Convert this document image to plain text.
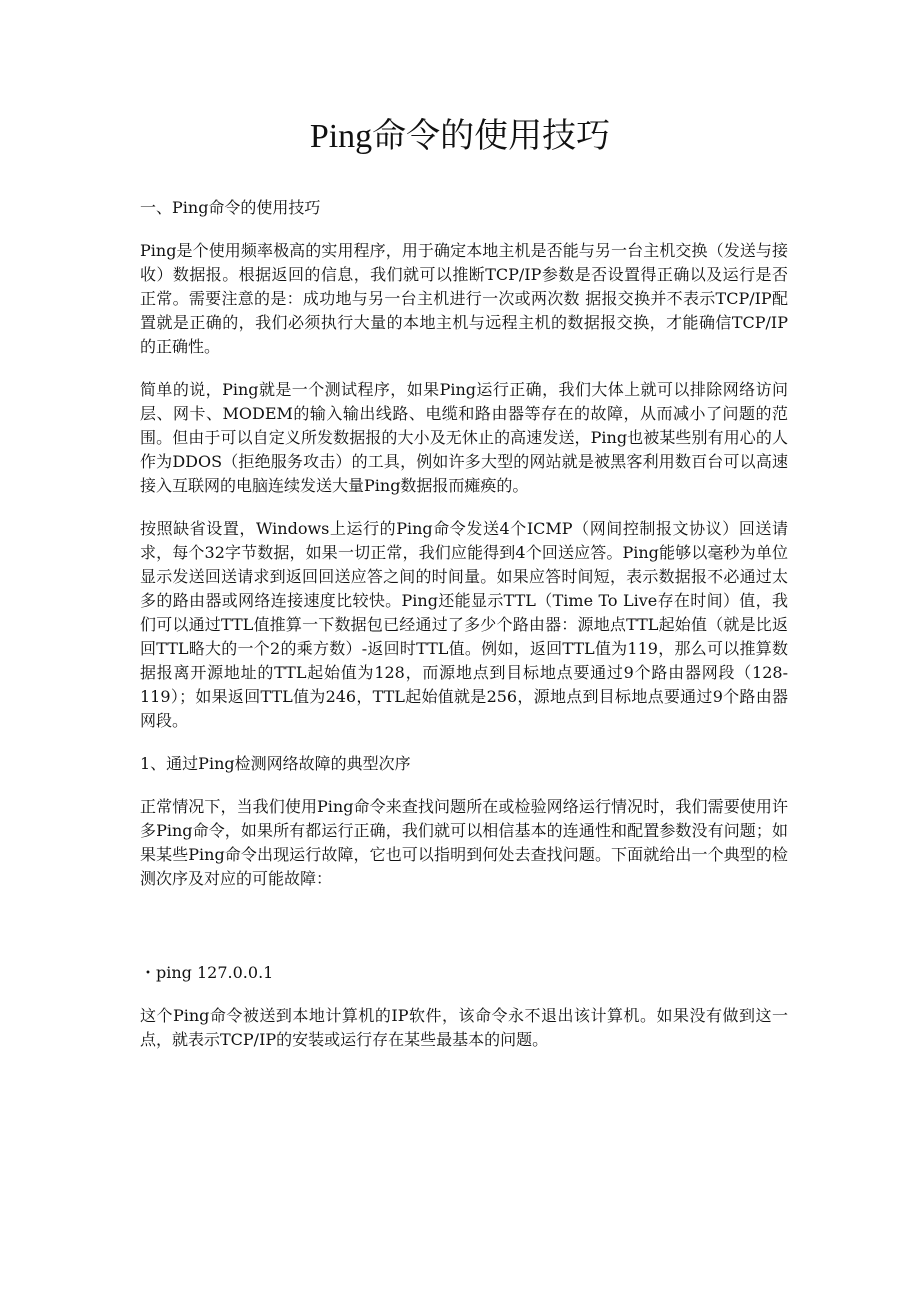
Ping命令的使用技巧

一、Ping命令的使用技巧

Ping是个使用频率极高的实用程序，用于确定本地主机是否能与另一台主机交换（发送与接收）数据报。根据返回的信息，我们就可以推断TCP/IP参数是否设置得正确以及运行是否正常。需要注意的是：成功地与另一台主机进行一次或两次数 据报交换并不表示TCP/IP配置就是正确的，我们必须执行大量的本地主机与远程主机的数据报交换，才能确信TCP/IP的正确性。

简单的说，Ping就是一个测试程序，如果Ping运行正确，我们大体上就可以排除网络访问层、网卡、MODEM的输入输出线路、电缆和路由器等存在的故障，从而减小了问题的范围。但由于可以自定义所发数据报的大小及无休止的高速发送，Ping也被某些别有用心的人作为DDOS（拒绝服务攻击）的工具，例如许多大型的网站就是被黑客利用数百台可以高速接入互联网的电脑连续发送大量Ping数据报而瘫痪的。

按照缺省设置，Windows上运行的Ping命令发送4个ICMP（网间控制报文协议）回送请求，每个32字节数据，如果一切正常，我们应能得到4个回送应答。Ping能够以毫秒为单位显示发送回送请求到返回回送应答之间的时间量。如果应答时间短，表示数据报不必通过太多的路由器或网络连接速度比较快。Ping还能显示TTL（Time To Live存在时间）值，我们可以通过TTL值推算一下数据包已经通过了多少个路由器：源地点TTL起始值（就是比返回TTL略大的一个2的乘方数）-返回时TTL值。例如，返回TTL值为119，那么可以推算数据报离开源地址的TTL起始值为128，而源地点到目标地点要通过9个路由器网段（128-119）；如果返回TTL值为246，TTL起始值就是256，源地点到目标地点要通过9个路由器网段。

1、通过Ping检测网络故障的典型次序

正常情况下，当我们使用Ping命令来查找问题所在或检验网络运行情况时，我们需要使用许多Ping命令，如果所有都运行正确，我们就可以相信基本的连通性和配置参数没有问题；如果某些Ping命令出现运行故障，它也可以指明到何处去查找问题。下面就给出一个典型的检测次序及对应的可能故障：

・ping 127.0.0.1

这个Ping命令被送到本地计算机的IP软件，该命令永不退出该计算机。如果没有做到这一点，就表示TCP/IP的安装或运行存在某些最基本的问题。
